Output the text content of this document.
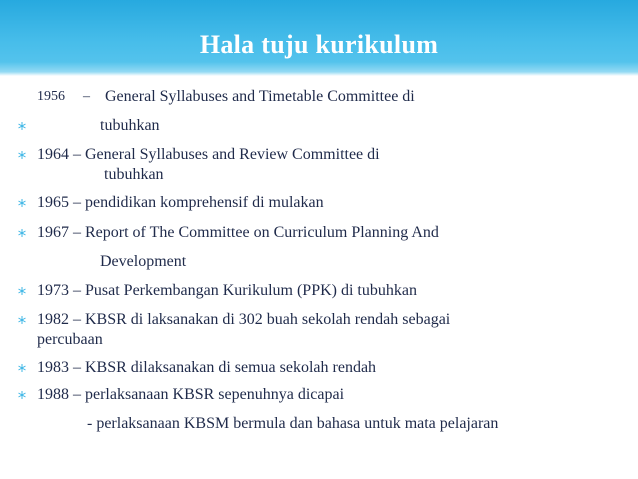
Hala tuju kurikulum
1956 – General Syllabuses and Timetable Committee di
tubuhkan
1964 – General Syllabuses and Review Committee di
tubuhkan
1965 – pendidikan komprehensif di mulakan
1967 – Report of The Committee on Curriculum Planning And
Development
1973 – Pusat Perkembangan Kurikulum (PPK) di tubuhkan
1982 – KBSR di laksanakan di 302 buah sekolah rendah sebagai
percubaan
1983 – KBSR dilaksanakan di semua sekolah rendah
1988 – perlaksanaan KBSR sepenuhnya dicapai
- perlaksanaan KBSM bermula dan bahasa untuk mata pelajaran
